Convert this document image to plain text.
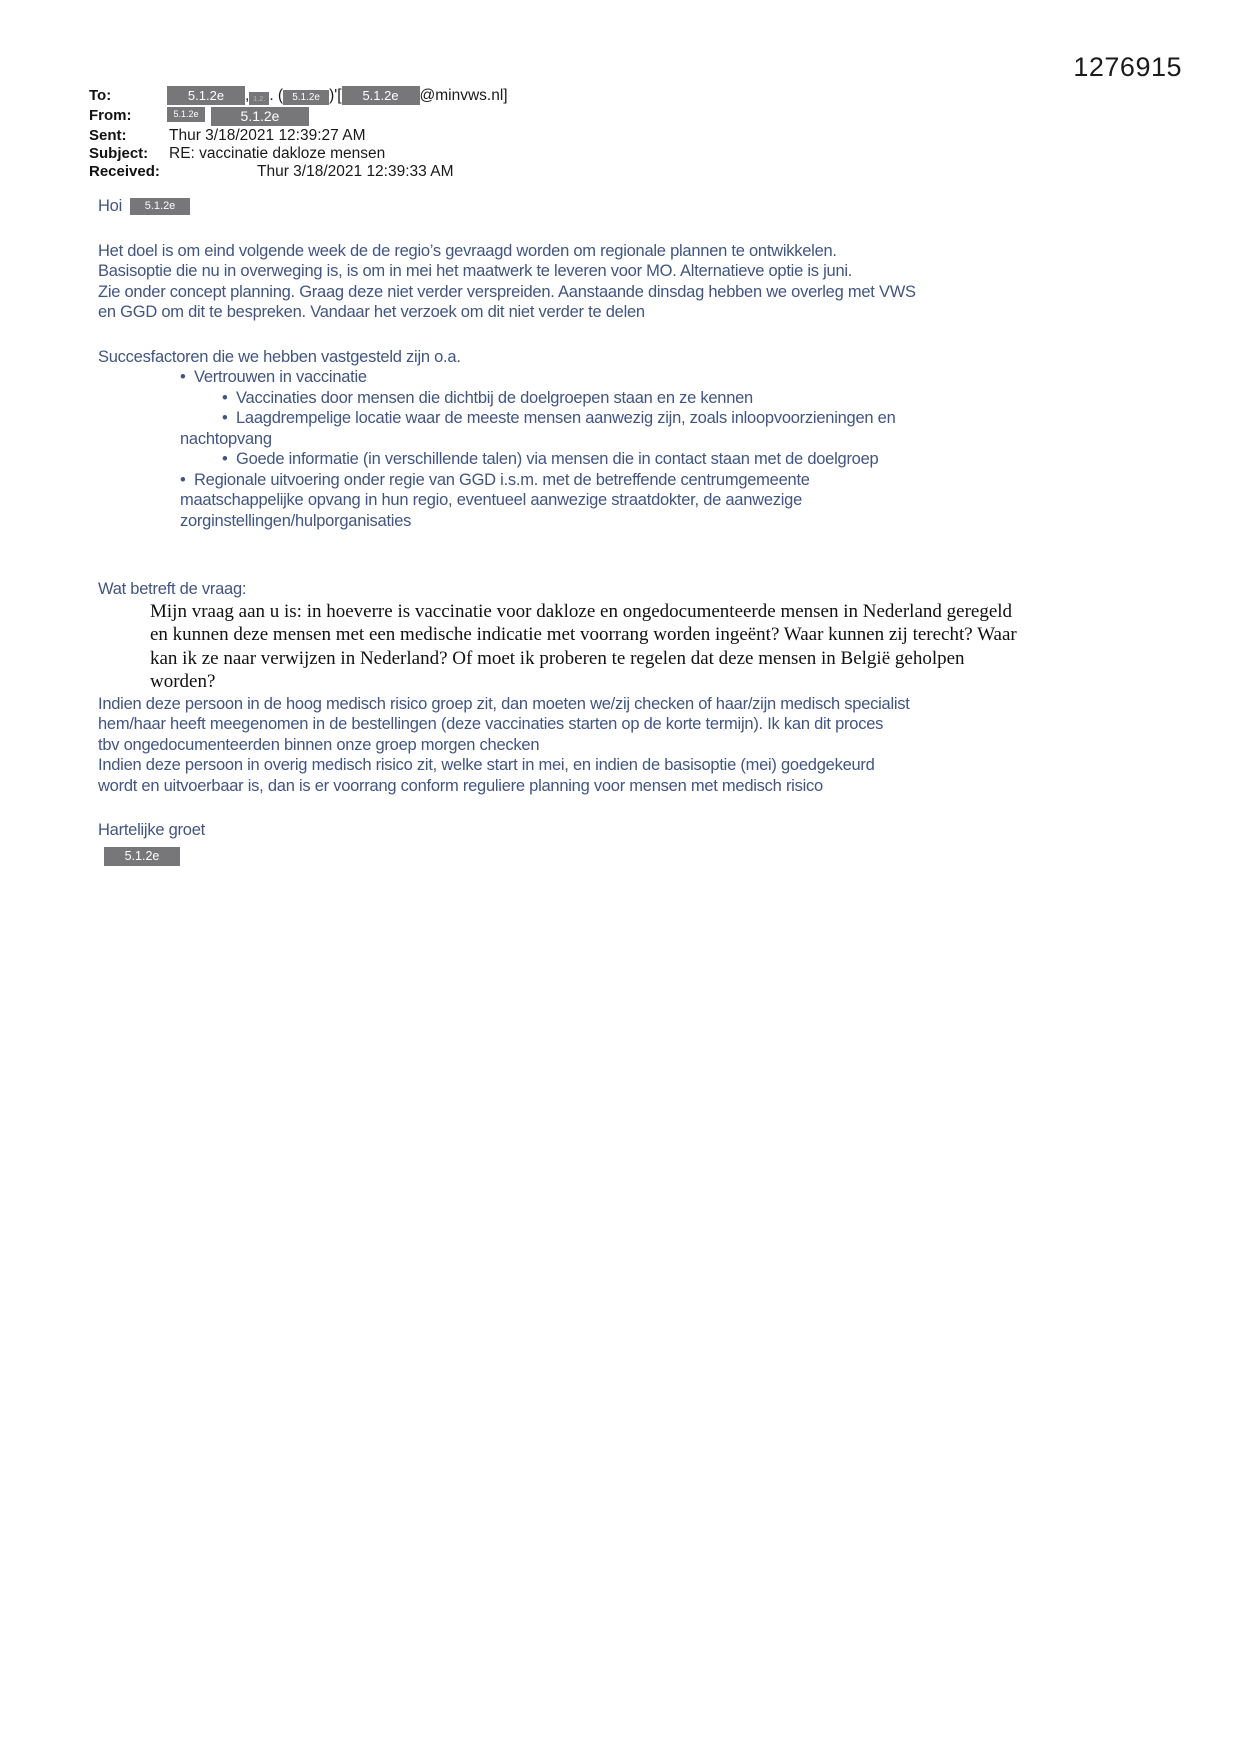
1276915
To:	5.1.2e	, 1.2. . ( 5.1.2e )'[	5.1.2e	@minvws.nl]
From:	5.1.2e	5.1.2e
Sent:	Thur 3/18/2021 12:39:27 AM
Subject: RE: vaccinatie dakloze mensen
Received:	Thur 3/18/2021 12:39:33 AM
Hoi	5.1.2e

Het doel is om eind volgende week de de regio’s gevraagd worden om regionale plannen te ontwikkelen.

Basisoptie die nu in overweging is, is om in mei het maatwerk te leveren voor MO. Alternatieve optie is juni.

Zie onder concept planning. Graag deze niet verder verspreiden. Aanstaande dinsdag hebben we overleg met VWS

en GGD om dit te bespreken. Vandaar het verzoek om dit niet verder te delen

Succesfactoren die we hebben vastgesteld zijn o.a.
• Vertrouwen in vaccinatie
• Vaccinaties door mensen die dichtbij de doelgroepen staan en ze kennen
• Laagdrempelige locatie waar de meeste mensen aanwezig zijn, zoals inloopvoorzieningen en
nachtopvang
• Goede informatie (in verschillende talen) via mensen die in contact staan met de doelgroep
• Regionale uitvoering onder regie van GGD i.s.m. met de betreffende centrumgemeente
maatschappelijke opvang in hun regio, eventueel aanwezige straatdokter, de aanwezige
zorginstellingen/hulporganisaties
Wat betreft de vraag:

Mijn vraag aan u is: in hoeverre is vaccinatie voor dakloze en ongedocumenteerde mensen in Nederland geregeld

en kunnen deze mensen met een medische indicatie met voorrang worden ingeënt? Waar kunnen zij terecht? Waar

kan ik ze naar verwijzen in Nederland? Of moet ik proberen te regelen dat deze mensen in België geholpen

worden?

Indien deze persoon in de hoog medisch risico groep zit, dan moeten we/zij checken of haar/zijn medisch specialist

hem/haar heeft meegenomen in de bestellingen (deze vaccinaties starten op de korte termijn). Ik kan dit proces

tbv ongedocumenteerden binnen onze groep morgen checken

Indien deze persoon in overig medisch risico zit, welke start in mei, en indien de basisoptie (mei) goedgekeurd

wordt en uitvoerbaar is, dan is er voorrang conform reguliere planning voor mensen met medisch risico

Hartelijke groet
5.1.2e
